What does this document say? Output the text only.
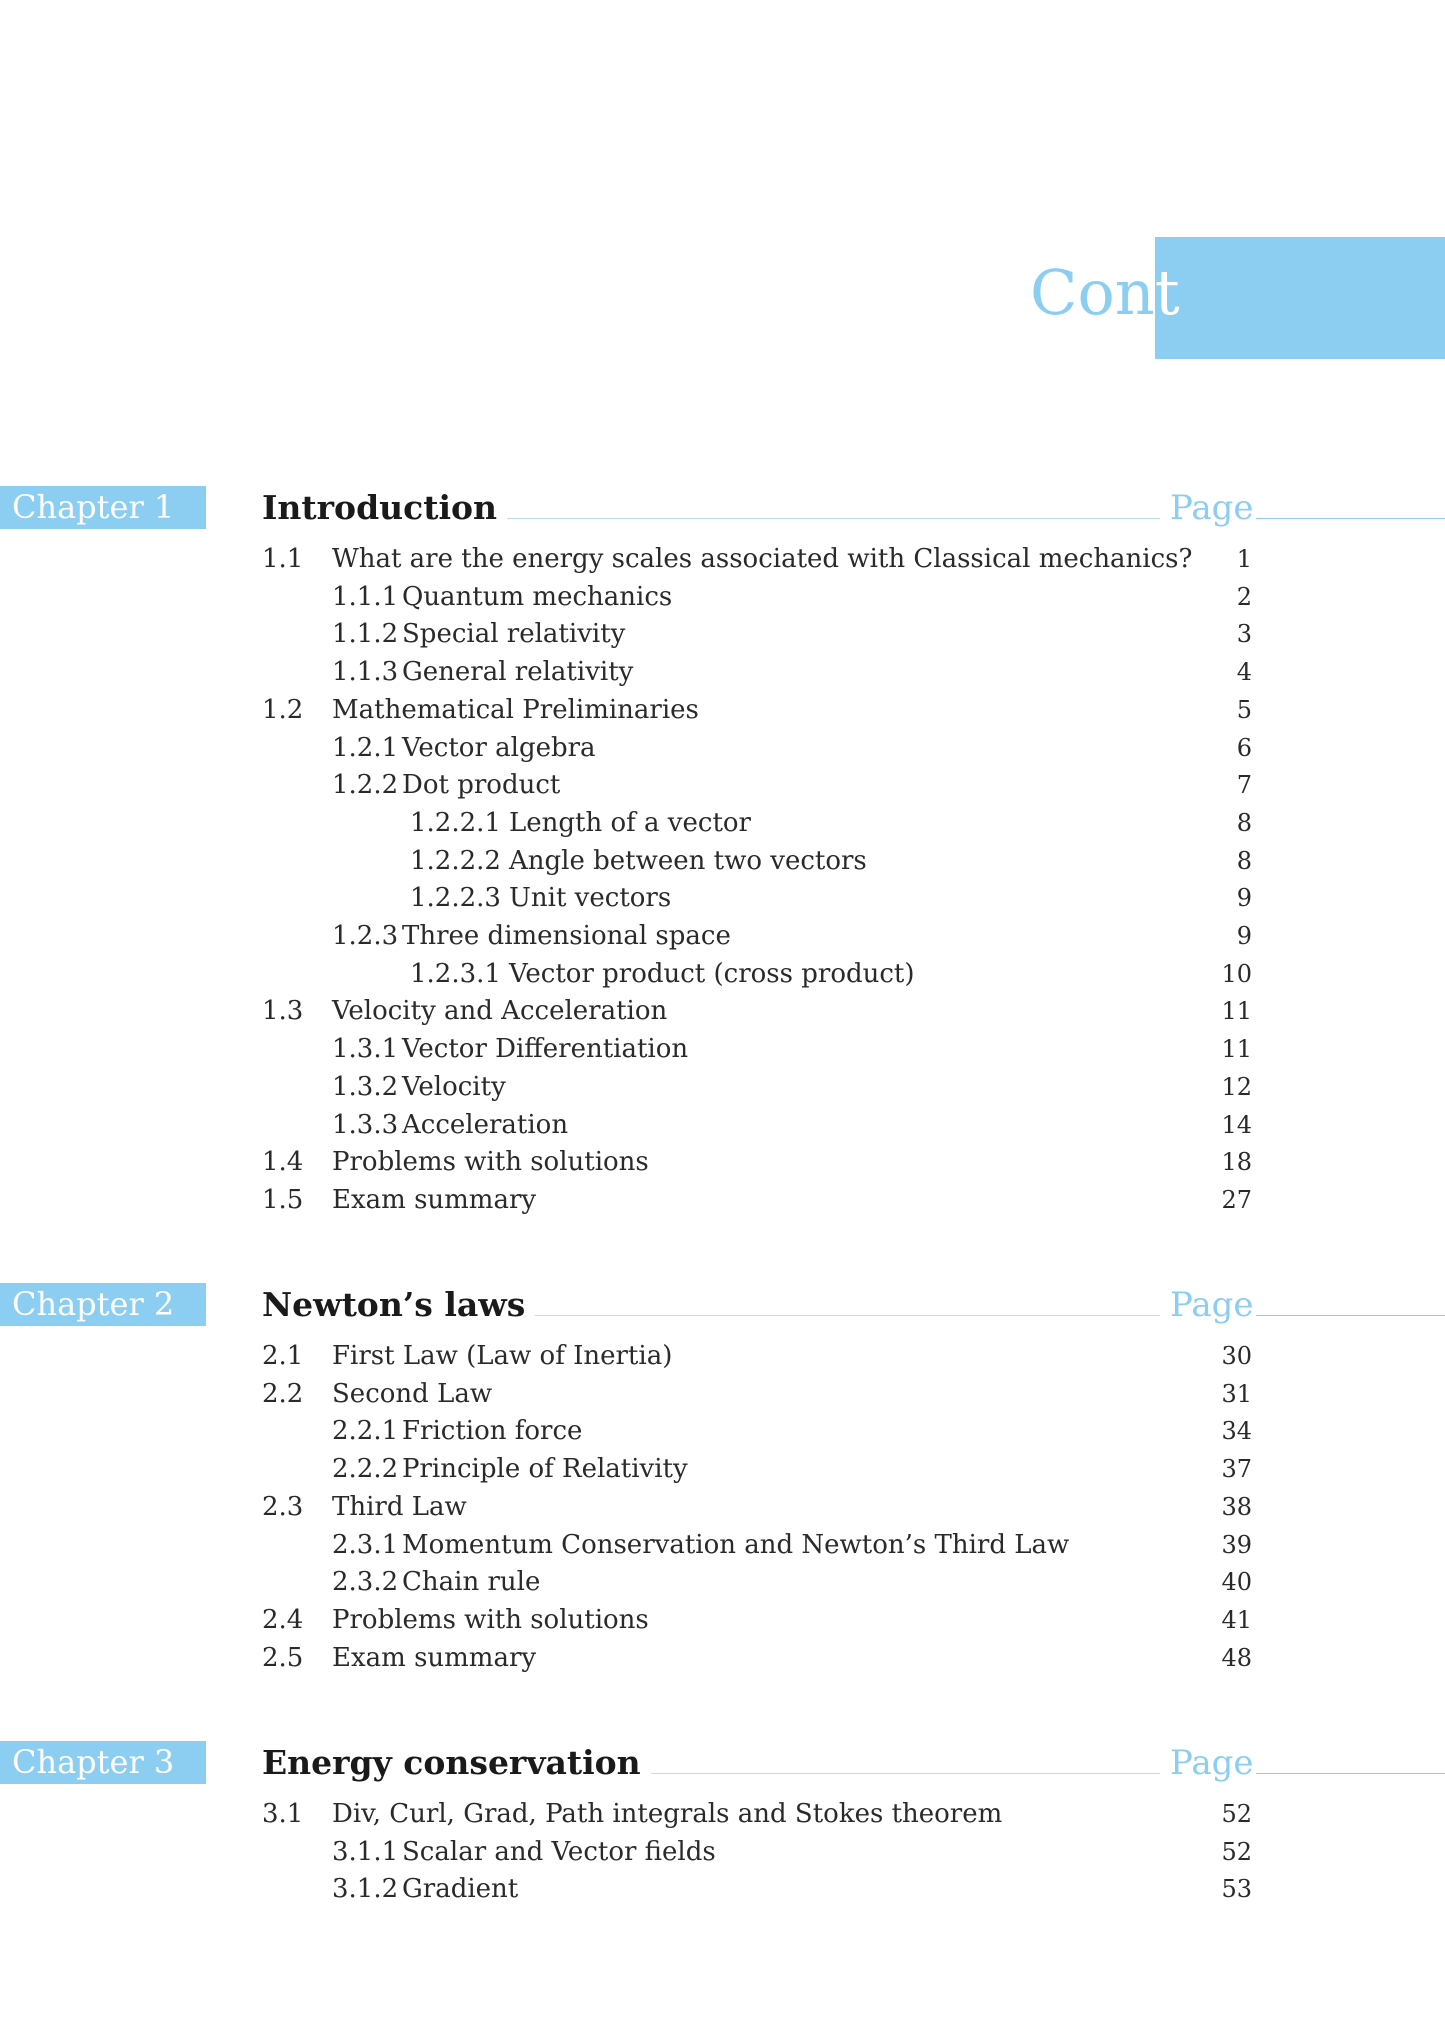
Contents
Chapter 1	Introduction	Page
1.1 What are the energy scales associated with Classical mechanics?	1
1.1.1 Quantum mechanics	2
1.1.2 Special relativity	3
1.1.3 General relativity	4
1.2 Mathematical Preliminaries	5
1.2.1 Vector algebra	6
1.2.2 Dot product	7
1.2.2.1 Length of a vector	8
1.2.2.2 Angle between two vectors	8
1.2.2.3 Unit vectors	9
1.2.3 Three dimensional space	9
1.2.3.1 Vector product (cross product)	10
1.3 Velocity and Acceleration	11
1.3.1 Vector Differentiation	11
1.3.2 Velocity	12
1.3.3 Acceleration	14
1.4 Problems with solutions	18
1.5 Exam summary	27
Chapter 2	Newton’s laws	Page
2.1 First Law (Law of Inertia)	30
2.2 Second Law	31
2.2.1 Friction force	34
2.2.2 Principle of Relativity	37
2.3 Third Law	38
2.3.1 Momentum Conservation and Newton’s Third Law	39
2.3.2 Chain rule	40
2.4 Problems with solutions	41
2.5 Exam summary	48
Chapter 3	Energy conservation	Page
3.1 Div, Curl, Grad, Path integrals and Stokes theorem	52
3.1.1 Scalar and Vector fields	52
3.1.2 Gradient	53
